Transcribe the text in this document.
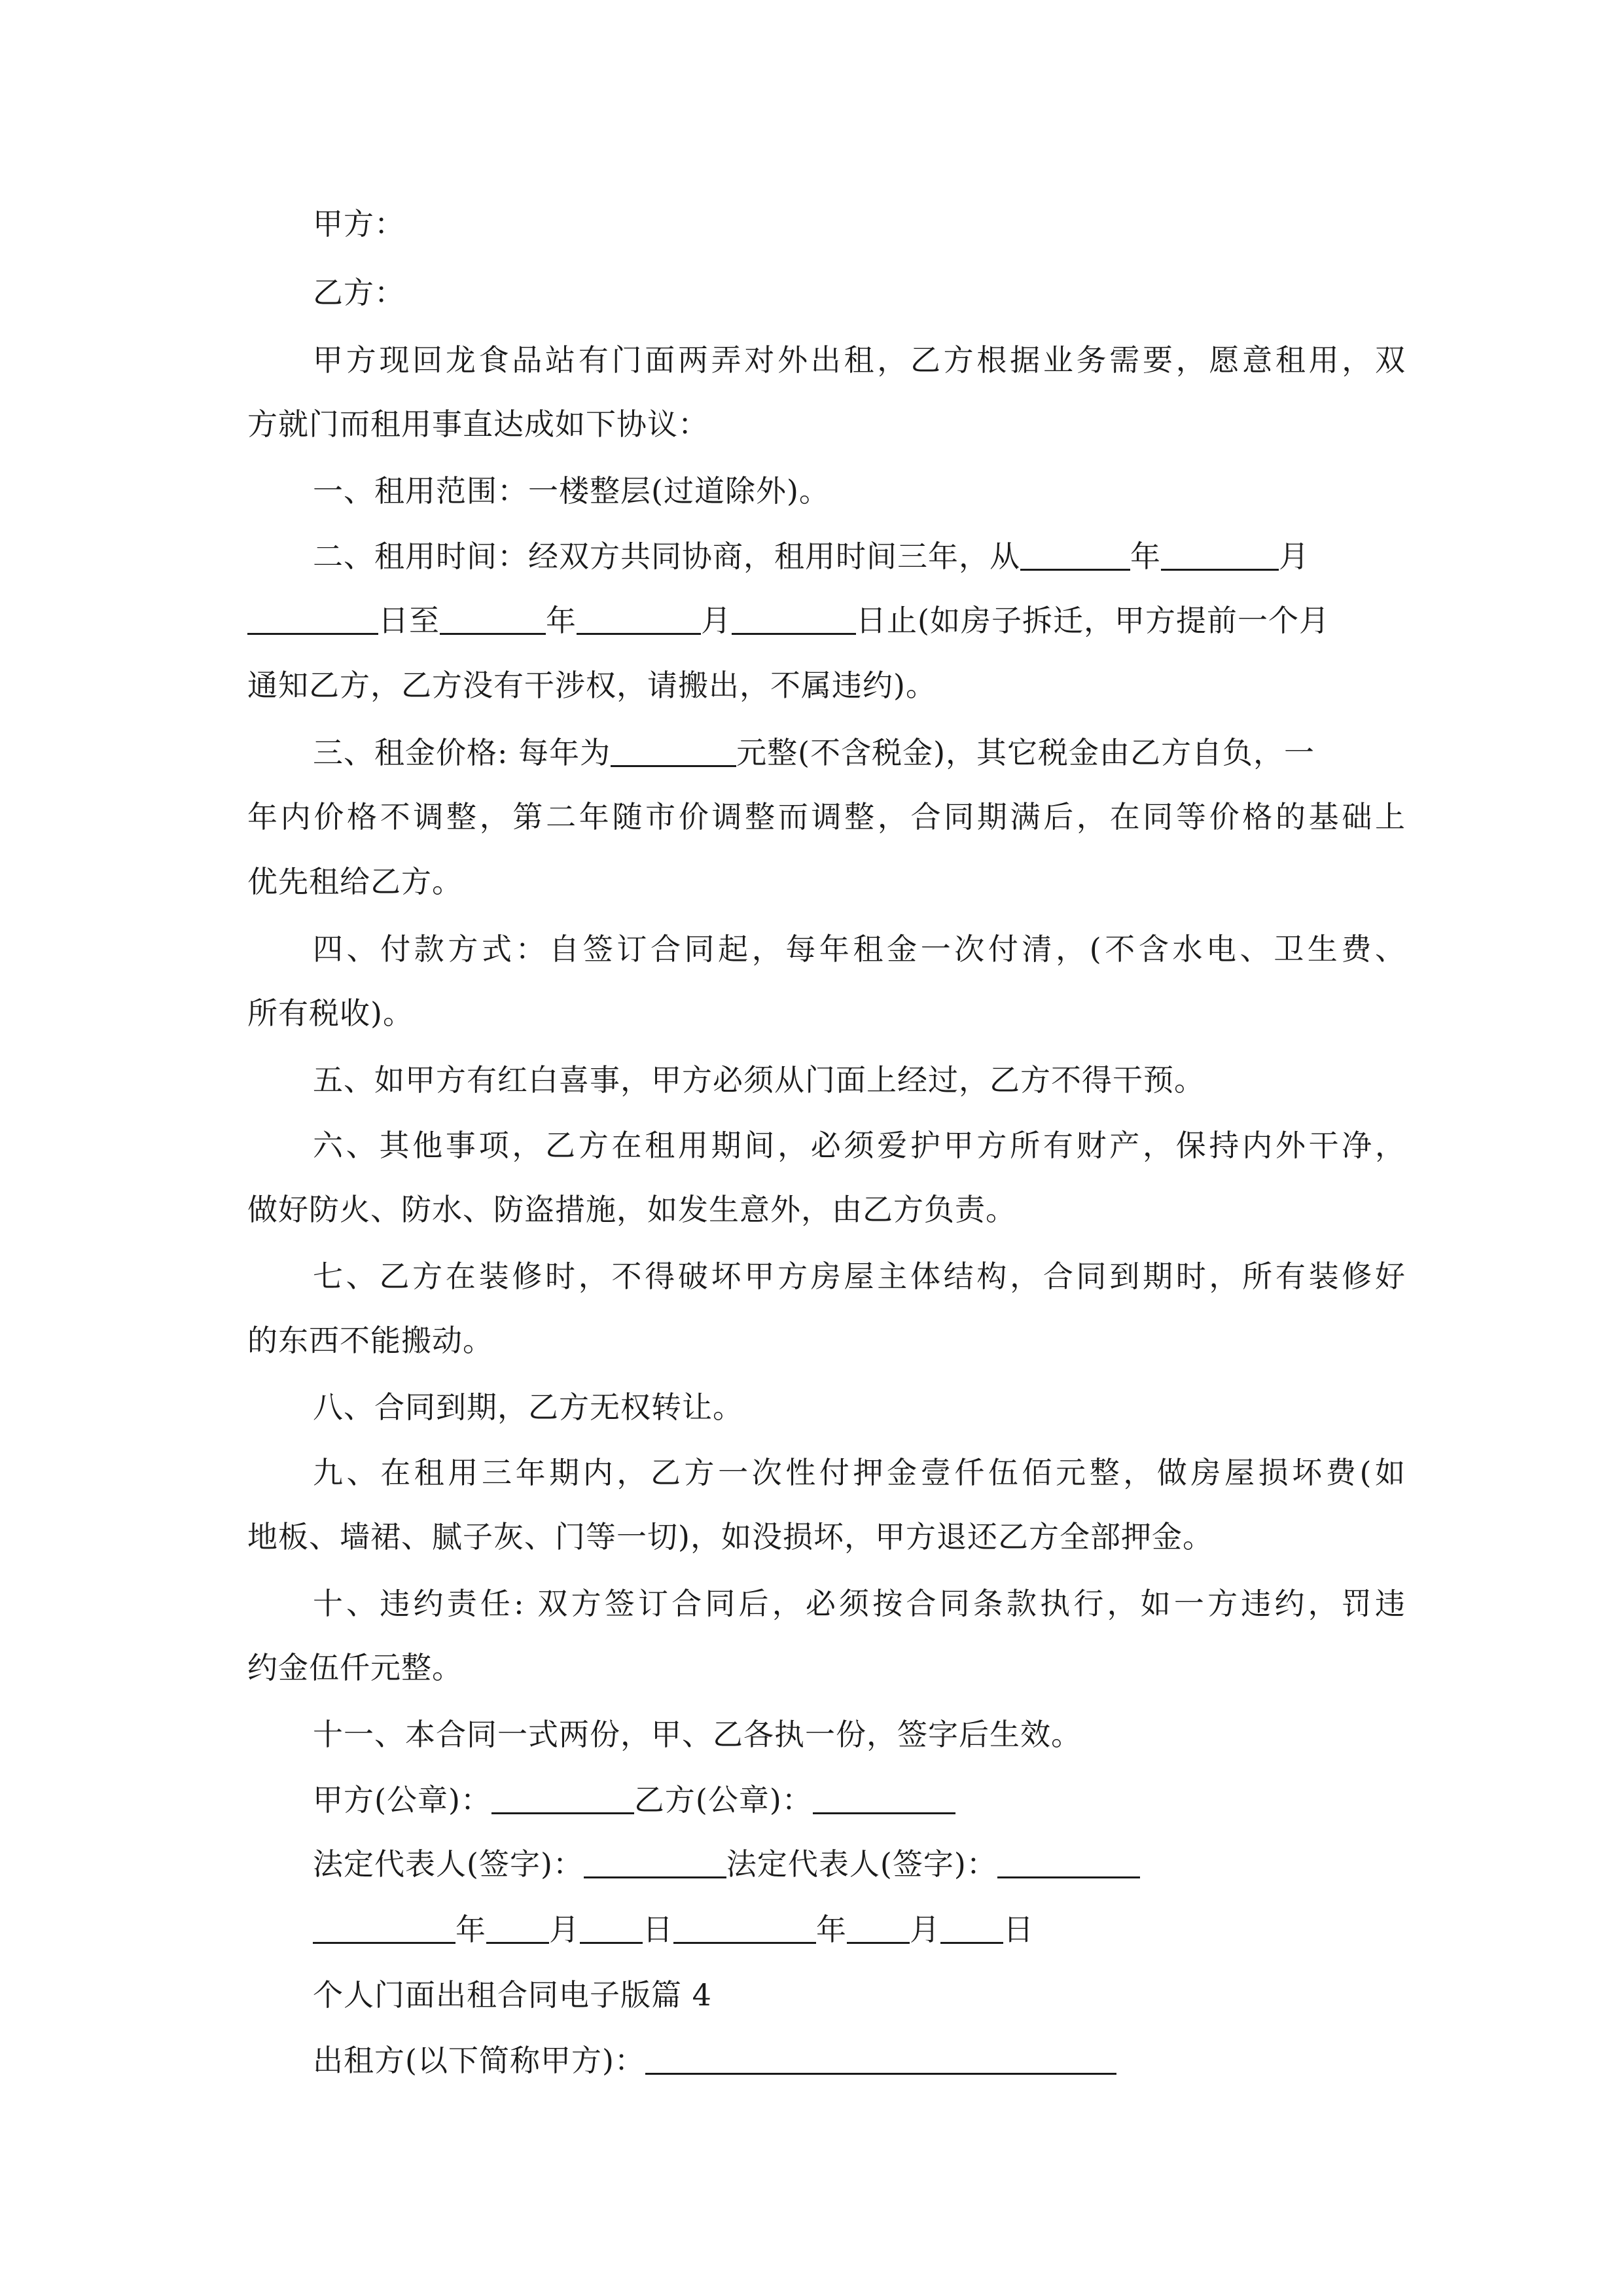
甲方：
乙方：
甲方现回龙食品站有门面两弄对外出租，乙方根据业务需要，愿意租用，双
方就门而租用事直达成如下协议：
一、租用范围：一楼整层(过道除外)。
二、租用时间：经双方共同协商，租用时间三年，从	年	月
日至	年	月	日止(如房子拆迁，甲方提前一个月
通知乙方，乙方没有干涉权，请搬出，不属违约)。
三、租金价格: 每年为	元整(不含税金)，其它税金由乙方自负，一
年内价格不调整，第二年随市价调整而调整，合同期满后，在同等价格的基础上
优先租给乙方。
四、付款方式：自签订合同起，每年租金一次付清，(不含水电、卫生费、
所有税收)。
五、如甲方有红白喜事，甲方必须从门面上经过，乙方不得干预。
六、其他事项，乙方在租用期间，必须爱护甲方所有财产，保持内外干净，
做好防火、防水、防盗措施，如发生意外，由乙方负责。
七、乙方在装修时，不得破坏甲方房屋主体结构，合同到期时，所有装修好
的东西不能搬动。
八、合同到期，乙方无权转让。
九、在租用三年期内，乙方一次性付押金壹仟伍佰元整，做房屋损坏费(如
地板、墙裙、腻子灰、门等一切)，如没损坏，甲方退还乙方全部押金。
十、违约责任: 双方签订合同后，必须按合同条款执行，如一方违约，罚违
约金伍仟元整。
十一、本合同一式两份，甲、乙各执一份，签字后生效。
甲方(公章)：	乙方(公章)：
法定代表人(签字)：	法定代表人(签字)：
年 月 日	年 月 日
个人门面出租合同电子版篇 4
出租方(以下简称甲方)：
